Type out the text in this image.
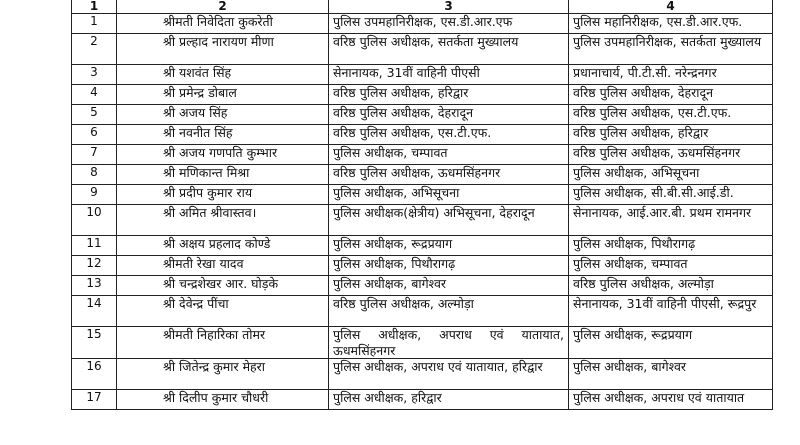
1	2	3	4
1	श्रीमती निवेदिता कुकरेती	पुलिस उपमहानिरीक्षक, एस.डी.आर.एफ	पुलिस महानिरीक्षक, एस.डी.आर.एफ.
2	श्री प्रल्हाद नारायण मीणा	वरिष्ठ पुलिस अधीक्षक, सतर्कता मुख्यालय	पुलिस उपमहानिरीक्षक, सतर्कता मुख्यालय
3	श्री यशवंत सिंह	सेनानायक, 31वीं वाहिनी पीएसी	प्रधानाचार्य, पी.टी.सी. नरेन्द्रनगर
4	श्री प्रमेन्द्र डोबाल	वरिष्ठ पुलिस अधीक्षक, हरिद्वार	वरिष्ठ पुलिस अधीक्षक, देहरादून
5	श्री अजय सिंह	वरिष्ठ पुलिस अधीक्षक, देहरादून	वरिष्ठ पुलिस अधीक्षक, एस.टी.एफ.
6	श्री नवनीत सिंह	वरिष्ठ पुलिस अधीक्षक, एस.टी.एफ.	वरिष्ठ पुलिस अधीक्षक, हरिद्वार
7	श्री अजय गणपति कुम्भार	पुलिस अधीक्षक, चम्पावत	वरिष्ठ पुलिस अधीक्षक, ऊधमसिंहनगर
8	श्री मणिकान्त मिश्रा	वरिष्ठ पुलिस अधीक्षक, ऊधमसिंहनगर	पुलिस अधीक्षक, अभिसूचना
9	श्री प्रदीप कुमार राय	पुलिस अधीक्षक, अभिसूचना	पुलिस अधीक्षक, सी.बी.सी.आई.डी.
10	श्री अमित श्रीवास्तव।	पुलिस अधीक्षक(क्षेत्रीय) अभिसूचना, देहरादून	सेनानायक, आई.आर.बी. प्रथम रामनगर
11	श्री अक्षय प्रहलाद कोण्डे	पुलिस अधीक्षक, रूद्रप्रयाग	पुलिस अधीक्षक, पिथौरागढ़
12	श्रीमती रेखा यादव	पुलिस अधीक्षक, पिथौरागढ़	पुलिस अधीक्षक, चम्पावत
13	श्री चन्द्रशेखर आर. घोड़के	पुलिस अधीक्षक, बागेश्वर	वरिष्ठ पुलिस अधीक्षक, अल्मोड़ा
14	श्री देवेन्द्र पींचा	वरिष्ठ पुलिस अधीक्षक, अल्मोड़ा	सेनानायक, 31वीं वाहिनी पीएसी, रूद्रपुर
15	श्रीमती निहारिका तोमर	पुलिस अधीक्षक, अपराध एवं यातायात, ऊधमसिंहनगर	पुलिस अधीक्षक, रूद्रप्रयाग
16	श्री जितेन्द्र कुमार मेहरा	पुलिस अधीक्षक, अपराध एवं यातायात, हरिद्वार	पुलिस अधीक्षक, बागेश्वर
17	श्री दिलीप कुमार चौधरी	पुलिस अधीक्षक, हरिद्वार	पुलिस अधीक्षक, अपराध एवं यातायात
